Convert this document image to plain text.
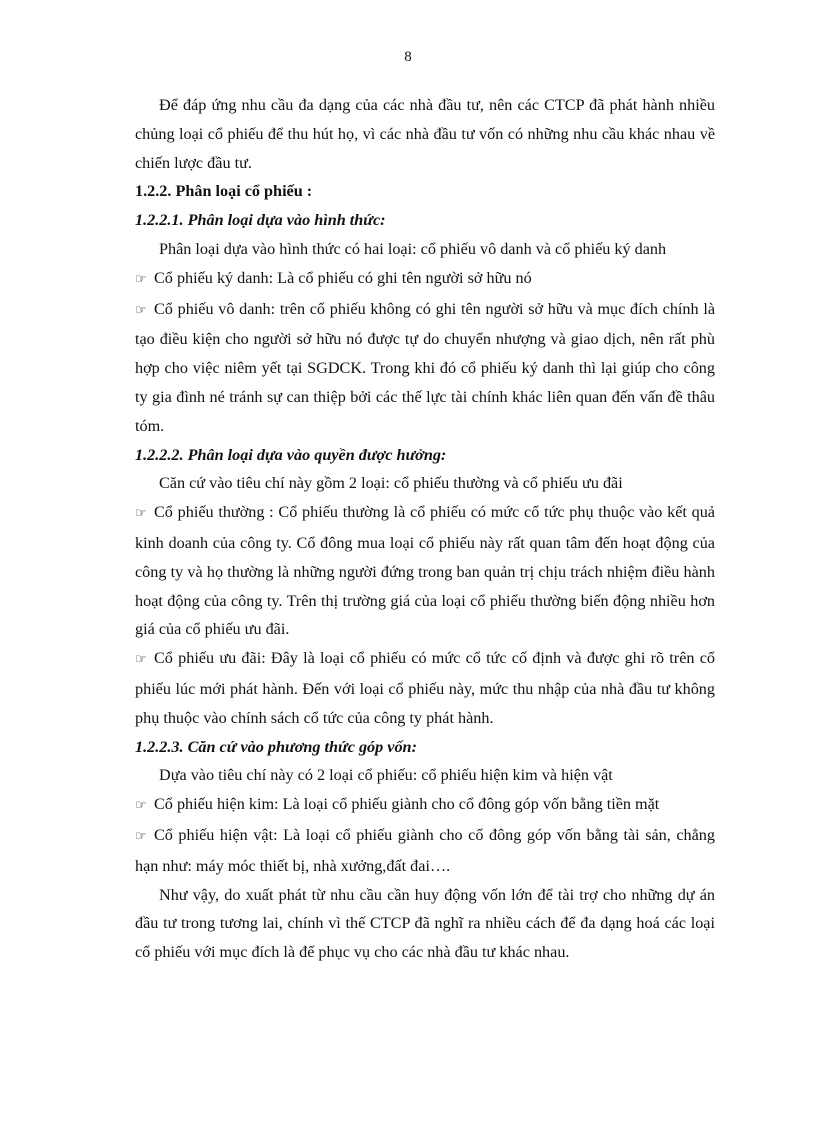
8

Để đáp ứng nhu cầu đa dạng của các nhà đầu tư, nên các CTCP đã phát hành nhiều chủng loại cổ phiếu để thu hút họ, vì các nhà đầu tư vốn có những nhu cầu khác nhau về chiến lược đầu tư.

1.2.2. Phân loại cổ phiếu :

1.2.2.1. Phân loại dựa vào hình thức:

Phân loại dựa vào hình thức có hai loại: cổ phiếu vô danh và cổ phiếu ký danh

☞ Cổ phiếu ký danh: Là cổ phiếu có ghi tên người sở hữu nó

☞ Cổ phiếu vô danh: trên cổ phiếu không có ghi tên người sở hữu và mục đích chính là tạo điều kiện cho người sở hữu nó được tự do chuyển nhượng và giao dịch, nên rất phù hợp cho việc niêm yết tại SGDCK. Trong khi đó cổ phiếu ký danh thì lại giúp cho công ty gia đình né tránh sự can thiệp bởi các thế lực tài chính khác liên quan đến vấn đề thâu tóm.

1.2.2.2. Phân loại dựa vào quyền được hưởng:

Căn cứ vào tiêu chí này gồm 2 loại: cổ phiếu thường và cổ phiếu ưu đãi

☞ Cổ phiếu thường : Cổ phiếu thường là cổ phiếu có mức cổ tức phụ thuộc vào kết quả kinh doanh của công ty. Cổ đông mua loại cổ phiếu này rất quan tâm đến hoạt động của công ty và họ thường là những người đứng trong ban quản trị chịu trách nhiệm điều hành hoạt động của công ty. Trên thị trường giá của loại cổ phiếu thường biến động nhiều hơn giá của cổ phiếu ưu đãi.

☞ Cổ phiếu ưu đãi: Đây là loại cổ phiếu có mức cổ tức cố định và được ghi rõ trên cổ phiếu lúc mới phát hành. Đến với loại cổ phiếu này, mức thu nhập của nhà đầu tư không phụ thuộc vào chính sách cổ tức của công ty phát hành.

1.2.2.3. Căn cứ vào phương thức góp vốn:

Dựa vào tiêu chí này có 2 loại cổ phiếu: cổ phiếu hiện kim và hiện vật

☞ Cổ phiếu hiện kim: Là loại cổ phiếu giành cho cổ đông góp vốn bằng tiền mặt

☞ Cổ phiếu hiện vật: Là loại cổ phiếu giành cho cổ đông góp vốn bằng tài sản, chẳng hạn như: máy móc thiết bị, nhà xưởng,đất đai….

Như vậy, do xuất phát từ nhu cầu cần huy động vốn lớn để tài trợ cho những dự án đầu tư trong tương lai, chính vì thế CTCP đã nghĩ ra nhiều cách để đa dạng hoá các loại cổ phiếu với mục đích là để phục vụ cho các nhà đầu tư khác nhau.
